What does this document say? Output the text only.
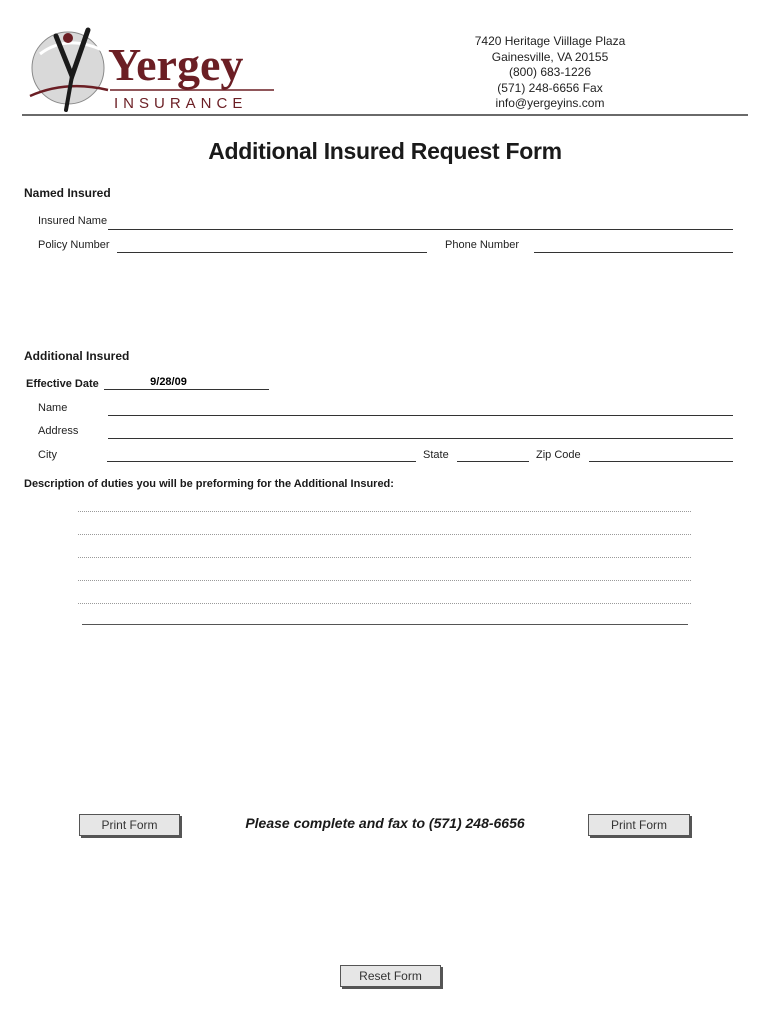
Yergey
INSURANCE
7420 Heritage Viillage Plaza
Gainesville, VA 20155
(800) 683-1226
(571) 248-6656 Fax
info@yergeyins.com
Additional Insured Request Form
Named Insured
Insured Name
Policy Number	Phone Number
Additional Insured
Effective Date
9/28/09
Name
Address
City	State	Zip Code
Description of duties you will be preforming for the Additional Insured:
Print Form	Please complete and fax to (571) 248-6656	Print Form
Reset Form
